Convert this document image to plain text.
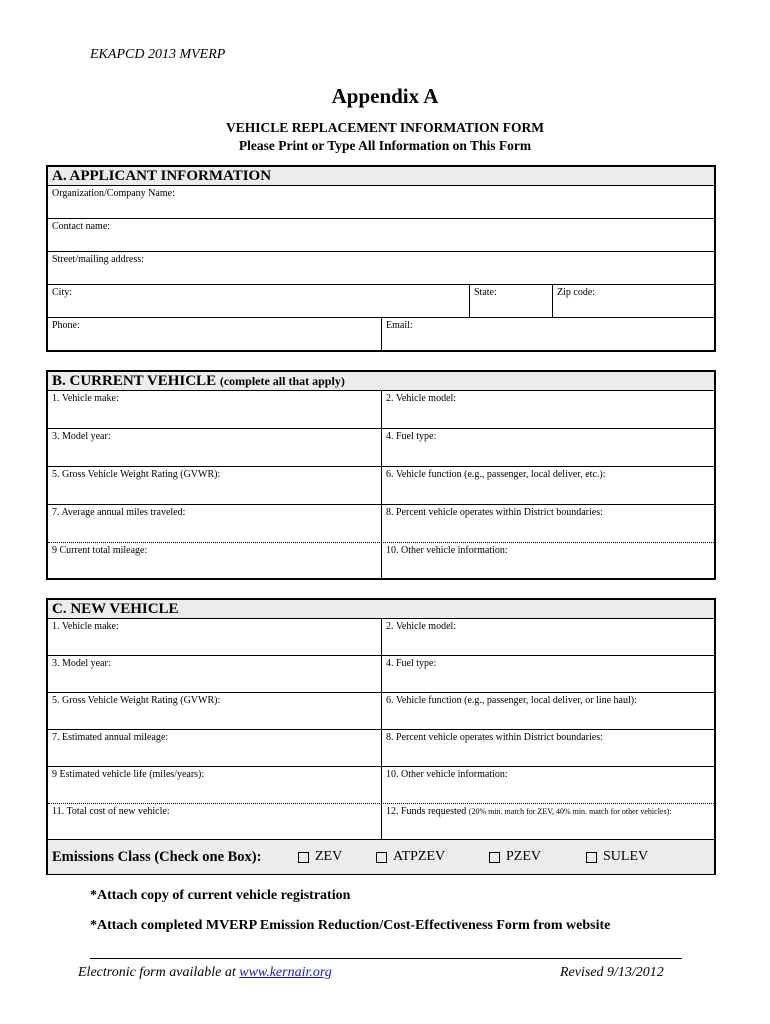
EKAPCD 2013 MVERP
Appendix A
VEHICLE REPLACEMENT INFORMATION FORM
Please Print or Type All Information on This Form
A. APPLICANT INFORMATION
Organization/Company Name:
Contact name:
Street/mailing address:
City:	State:	Zip code:
Phone:	Email:
B. CURRENT VEHICLE (complete all that apply)
1. Vehicle make:	2. Vehicle model:
3. Model year:	4. Fuel type:
5. Gross Vehicle Weight Rating (GVWR):	6. Vehicle function (e.g., passenger, local deliver, etc.):
7. Average annual miles traveled:	8. Percent vehicle operates within District boundaries:
9 Current total mileage:	10. Other vehicle information:
C. NEW VEHICLE
1. Vehicle make:	2. Vehicle model:
3. Model year:	4. Fuel type:
5. Gross Vehicle Weight Rating (GVWR):	6. Vehicle function (e.g., passenger, local deliver, or line haul):
7. Estimated annual mileage:	8. Percent vehicle operates within District boundaries:
9 Estimated vehicle life (miles/years):	10. Other vehicle information:
11. Total cost of new vehicle:	12. Funds requested (20% min. match for ZEV, 40% min. match for other vehicles):
Emissions Class (Check one Box):	ZEV	ATPZEV	PZEV	SULEV
*Attach copy of current vehicle registration
*Attach completed MVERP Emission Reduction/Cost-Effectiveness Form from website
Electronic form available at www.kernair.org	Revised 9/13/2012
